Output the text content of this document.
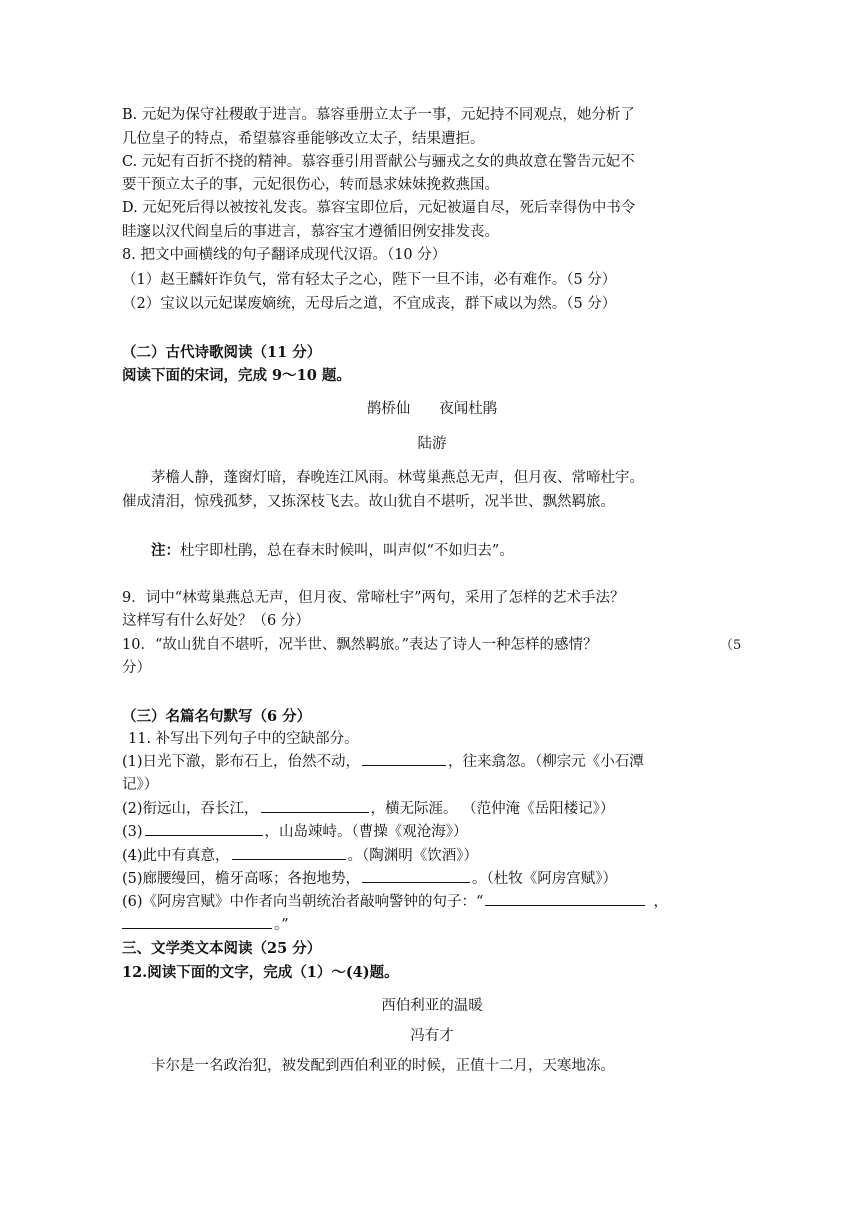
B. 元妃为保守社稷敢于进言。慕容垂册立太子一事，元妃持不同观点，她分析了
几位皇子的特点，希望慕容垂能够改立太子，结果遭拒。
C. 元妃有百折不挠的精神。慕容垂引用晋献公与骊戎之女的典故意在警告元妃不
要干预立太子的事，元妃很伤心，转而恳求妹妹挽救燕国。
D. 元妃死后得以被按礼发丧。慕容宝即位后，元妃被逼自尽，死后幸得伪中书令
眭邃以汉代阎皇后的事进言，慕容宝才遵循旧例安排发丧。
8. 把文中画横线的句子翻译成现代汉语。（10 分）
（1）赵王麟奸诈负气，常有轻太子之心，陛下一旦不讳，必有难作。（5 分）
（2）宝议以元妃谋废嫡统，无母后之道，不宜成丧，群下咸以为然。（5 分）
（二）古代诗歌阅读（11 分）
阅读下面的宋词，完成 9～10 题。
鹊桥仙　　夜闻杜鹃
陆游
茅檐人静，蓬窗灯暗，春晚连江风雨。林莺巢燕总无声，但月夜、常啼杜宇。
催成清泪，惊残孤梦，又拣深枝飞去。故山犹自不堪听，况半世、飘然羁旅。
注：杜宇即杜鹃，总在春末时候叫，叫声似“不如归去”。
9．词中“林莺巢燕总无声，但月夜、常啼杜宇”两句，采用了怎样的艺术手法？
这样写有什么好处？（6 分）
10．“故山犹自不堪听，况半世、飘然羁旅。”表达了诗人一种怎样的感情？	（5
分）
（三）名篇名句默写（6 分）
11. 补写出下列句子中的空缺部分。
(1)日光下澈，影布石上，佁然不动，	，往来翕忽。（柳宗元《小石潭
记》）
(2)衔远山，吞长江，	，横无际涯。 （范仲淹《岳阳楼记》）
(3)	，山岛竦峙。（曹操《观沧海》）
(4)此中有真意，	。（陶渊明《饮酒》）
(5)廊腰缦回，檐牙高啄；各抱地势，	。（杜牧《阿房宫赋》）
(6)《阿房宫赋》中作者向当朝统治者敲响警钟的句子：“	，
。”
三、文学类文本阅读（25 分）
12.阅读下面的文字，完成（1）～(4)题。
西伯利亚的温暖
冯有才
卡尔是一名政治犯，被发配到西伯利亚的时候，正值十二月，天寒地冻。
